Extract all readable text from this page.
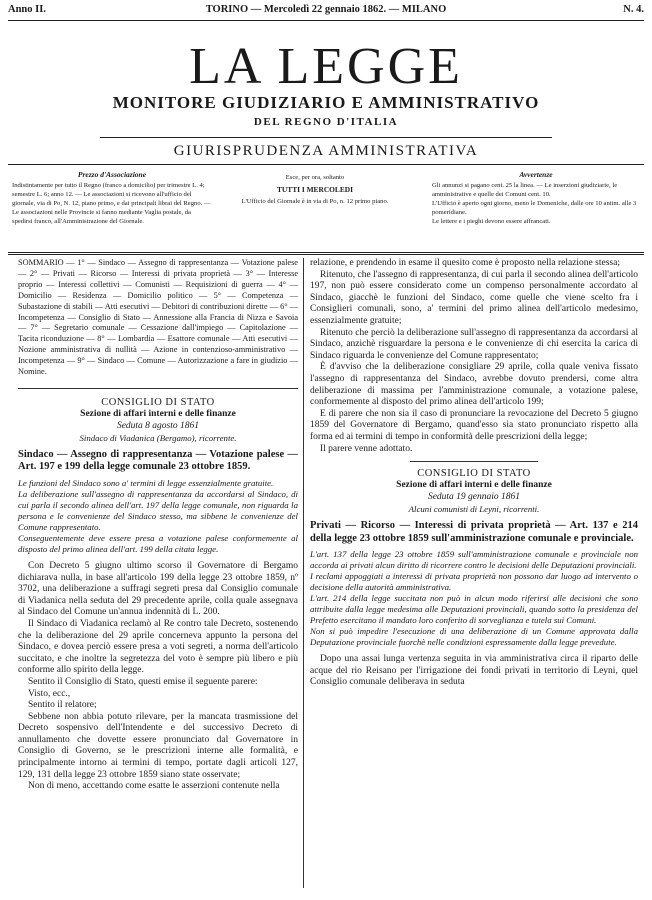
Anno II.	TORINO — Mercoledì 22 gennaio 1862. — MILANO	N. 4.
LA LEGGE
MONITORE GIUDIZIARIO E AMMINISTRATIVO
DEL REGNO D'ITALIA
GIURISPRUDENZA AMMINISTRATIVA
Prezzo d'Associazione

Indistintamente per tutto il Regno (franco a domicilio) per trimestre L. 4; semestre L. 6; anno 12. — Le associazioni si ricevono all'ufficio del giornale, via di Po, N. 12, piano primo, e dai principali librai del Regno. — Le associazioni nelle Provincie si fanno mediante Vaglia postale, da spedirsi franco, all'Amministrazione del Giornale.

Esce, per ora, soltanto

TUTTI I MERCOLEDI

L'Ufficio del Giornale è in via di Po, n. 12 primo piano.

Avvertenze

Gli annunzi si pagano cent. 25 la linea. — Le inserzioni giudiziarie, le amministrative e quelle dei Comuni cent. 10.

L'Ufficio è aperto ogni giorno, meno le Domeniche, dalle ore 10 antim. alle 3 pomeridiane.

Le lettere e i pieghi devono essere affrancati.

SOMMARIO — 1° — Sindaco — Assegno di rappresentanza — Votazione palese — 2° — Privati — Ricorso — Interessi di privata proprietà — 3° — Interesse proprio — Interessi collettivi — Comunisti — Requisizioni di guerra — 4° — Domicilio — Residenza — Domicilio politico — 5° — Competenza — Subastazione di stabili — Atti esecutivi — Debitori di contribuzioni dirette — 6° — Incompetenza — Consiglio di Stato — Annessione alla Francia di Nizza e Savoia — 7° — Segretario comunale — Cessazione dall'impiego — Capitolazione — Tacita riconduzione — 8° — Lombardia — Esattore comunale — Atti esecutivi — Nozione amministrativa di nullità — Azione in contenzioso-amministrativo — Incompetenza — 9° — Sindaco — Comune — Autorizzazione a fare in giudizio — Nomine.

CONSIGLIO DI STATO

Sezione di affari interni e delle finanze

Seduta 8 agosto 1861

Sindaco di Viadanica (Bergamo), ricorrente.

Sindaco — Assegno di rappresentanza — Votazione palese — Art. 197 e 199 della legge comunale 23 ottobre 1859.

Le funzioni del Sindaco sono a' termini di legge essenzialmente gratuite.

La deliberazione sull'assegno di rappresentanza da accordarsi al Sindaco, di cui parla il secondo alinea dell'art. 197 della legge comunale, non riguarda la persona e le convenienze del Sindaco stesso, ma sibbene le convenienze del Comune rappresentato.

Conseguentemente deve essere presa a votazione palese conformemente al disposto del primo alinea dell'art. 199 della citata legge.

Con Decreto 5 giugno ultimo scorso il Governatore di Bergamo dichiarava nulla, in base all'articolo 199 della legge 23 ottobre 1859, nº 3702, una deliberazione a suffragi segreti presa dal Consiglio comunale di Viadanica nella seduta del 29 precedente aprile, colla quale assegnava al Sindaco del Comune un'annua indennità di L. 200.

Il Sindaco di Viadanica reclamò al Re contro tale Decreto, sostenendo che la deliberazione del 29 aprile concerneva appunto la persona del Sindaco, e dovea perciò essere presa a voti segreti, a norma dell'articolo succitato, e che inoltre la segretezza del voto è sempre più libero e più conforme allo spirito della legge.

Sentito il Consiglio di Stato, questi emise il seguente parere:

Visto, ecc.,

Sentito il relatore;

Sebbene non abbia potuto rilevare, per la mancata trasmissione del Decreto sospensivo dell'Intendente e del successivo Decreto di annullamento che dovette essere pronunciato dal Governatore in Consiglio di Governo, se le prescrizioni interne alle formalità, e principalmente intorno ai termini di tempo, portate dagli articoli 127, 129, 131 della legge 23 ottobre 1859 siano state osservate;

Non di meno, accettando come esatte le asserzioni contenute nella

relazione, e prendendo in esame il quesito come è proposto nella relazione stessa;

Ritenuto, che l'assegno di rappresentanza, di cui parla il secondo alinea dell'articolo 197, non può essere considerato come un compenso personalmente accordato al Sindaco, giacchè le funzioni del Sindaco, come quelle che viene scelto fra i Consiglieri comunali, sono, a' termini del primo alinea dell'articolo medesimo, essenzialmente gratuite;

Ritenuto che perciò la deliberazione sull'assegno di rappresentanza da accordarsi al Sindaco, anzichè risguardare la persona e le convenienze di chi esercita la carica di Sindaco riguarda le convenienze del Comune rappresentato;

È d'avviso che la deliberazione consigliare 29 aprile, colla quale veniva fissato l'assegno di rappresentanza del Sindaco, avrebbe dovuto prendersi, come altra deliberazione di massima per l'amministrazione comunale, a votazione palese, conformemente al disposto del primo alinea dell'articolo 199;

E di parere che non sia il caso di pronunciare la revocazione del Decreto 5 giugno 1859 del Governatore di Bergamo, quand'esso sia stato pronunciato rispetto alla forma ed ai termini di tempo in conformità delle prescrizioni della legge;

Il parere venne adottato.

CONSIGLIO DI STATO

Sezione di affari interni e delle finanze

Seduta 19 gennaio 1861

Alcuni comunisti di Leyni, ricorrenti.

Privati — Ricorso — Interessi di privata proprietà — Art. 137 e 214 della legge 23 ottobre 1859 sull'amministrazione comunale e provinciale.

L'art. 137 della legge 23 ottobre 1859 sull'amministrazione comunale e provinciale non accorda ai privati alcun diritto di ricorrere contro le decisioni delle Deputazioni provinciali.

I reclami appoggiati a interessi di privata proprietà non possono dar luogo ad intervento o decisione della autorità amministrativa.

L'art. 214 della legge succitata non può in alcun modo riferirsi alle decisioni che sono attribuite dalla legge medesima alle Deputazioni provinciali, quando sotto la presidenza del Prefetto esercitano il mandato loro conferito di sorveglianza e tutela sui Comuni.

Non si può impedire l'esecuzione di una deliberazione di un Comune approvata dalla Deputazione provinciale fuorchè nelle condizioni espressamente dalla legge prevedute.

Dopo una assai lunga vertenza seguita in via amministrativa circa il riparto delle acque del rio Reisano per l'irrigazione dei fondi privati in territorio di Leyni, quel Consiglio comunale deliberava in seduta
